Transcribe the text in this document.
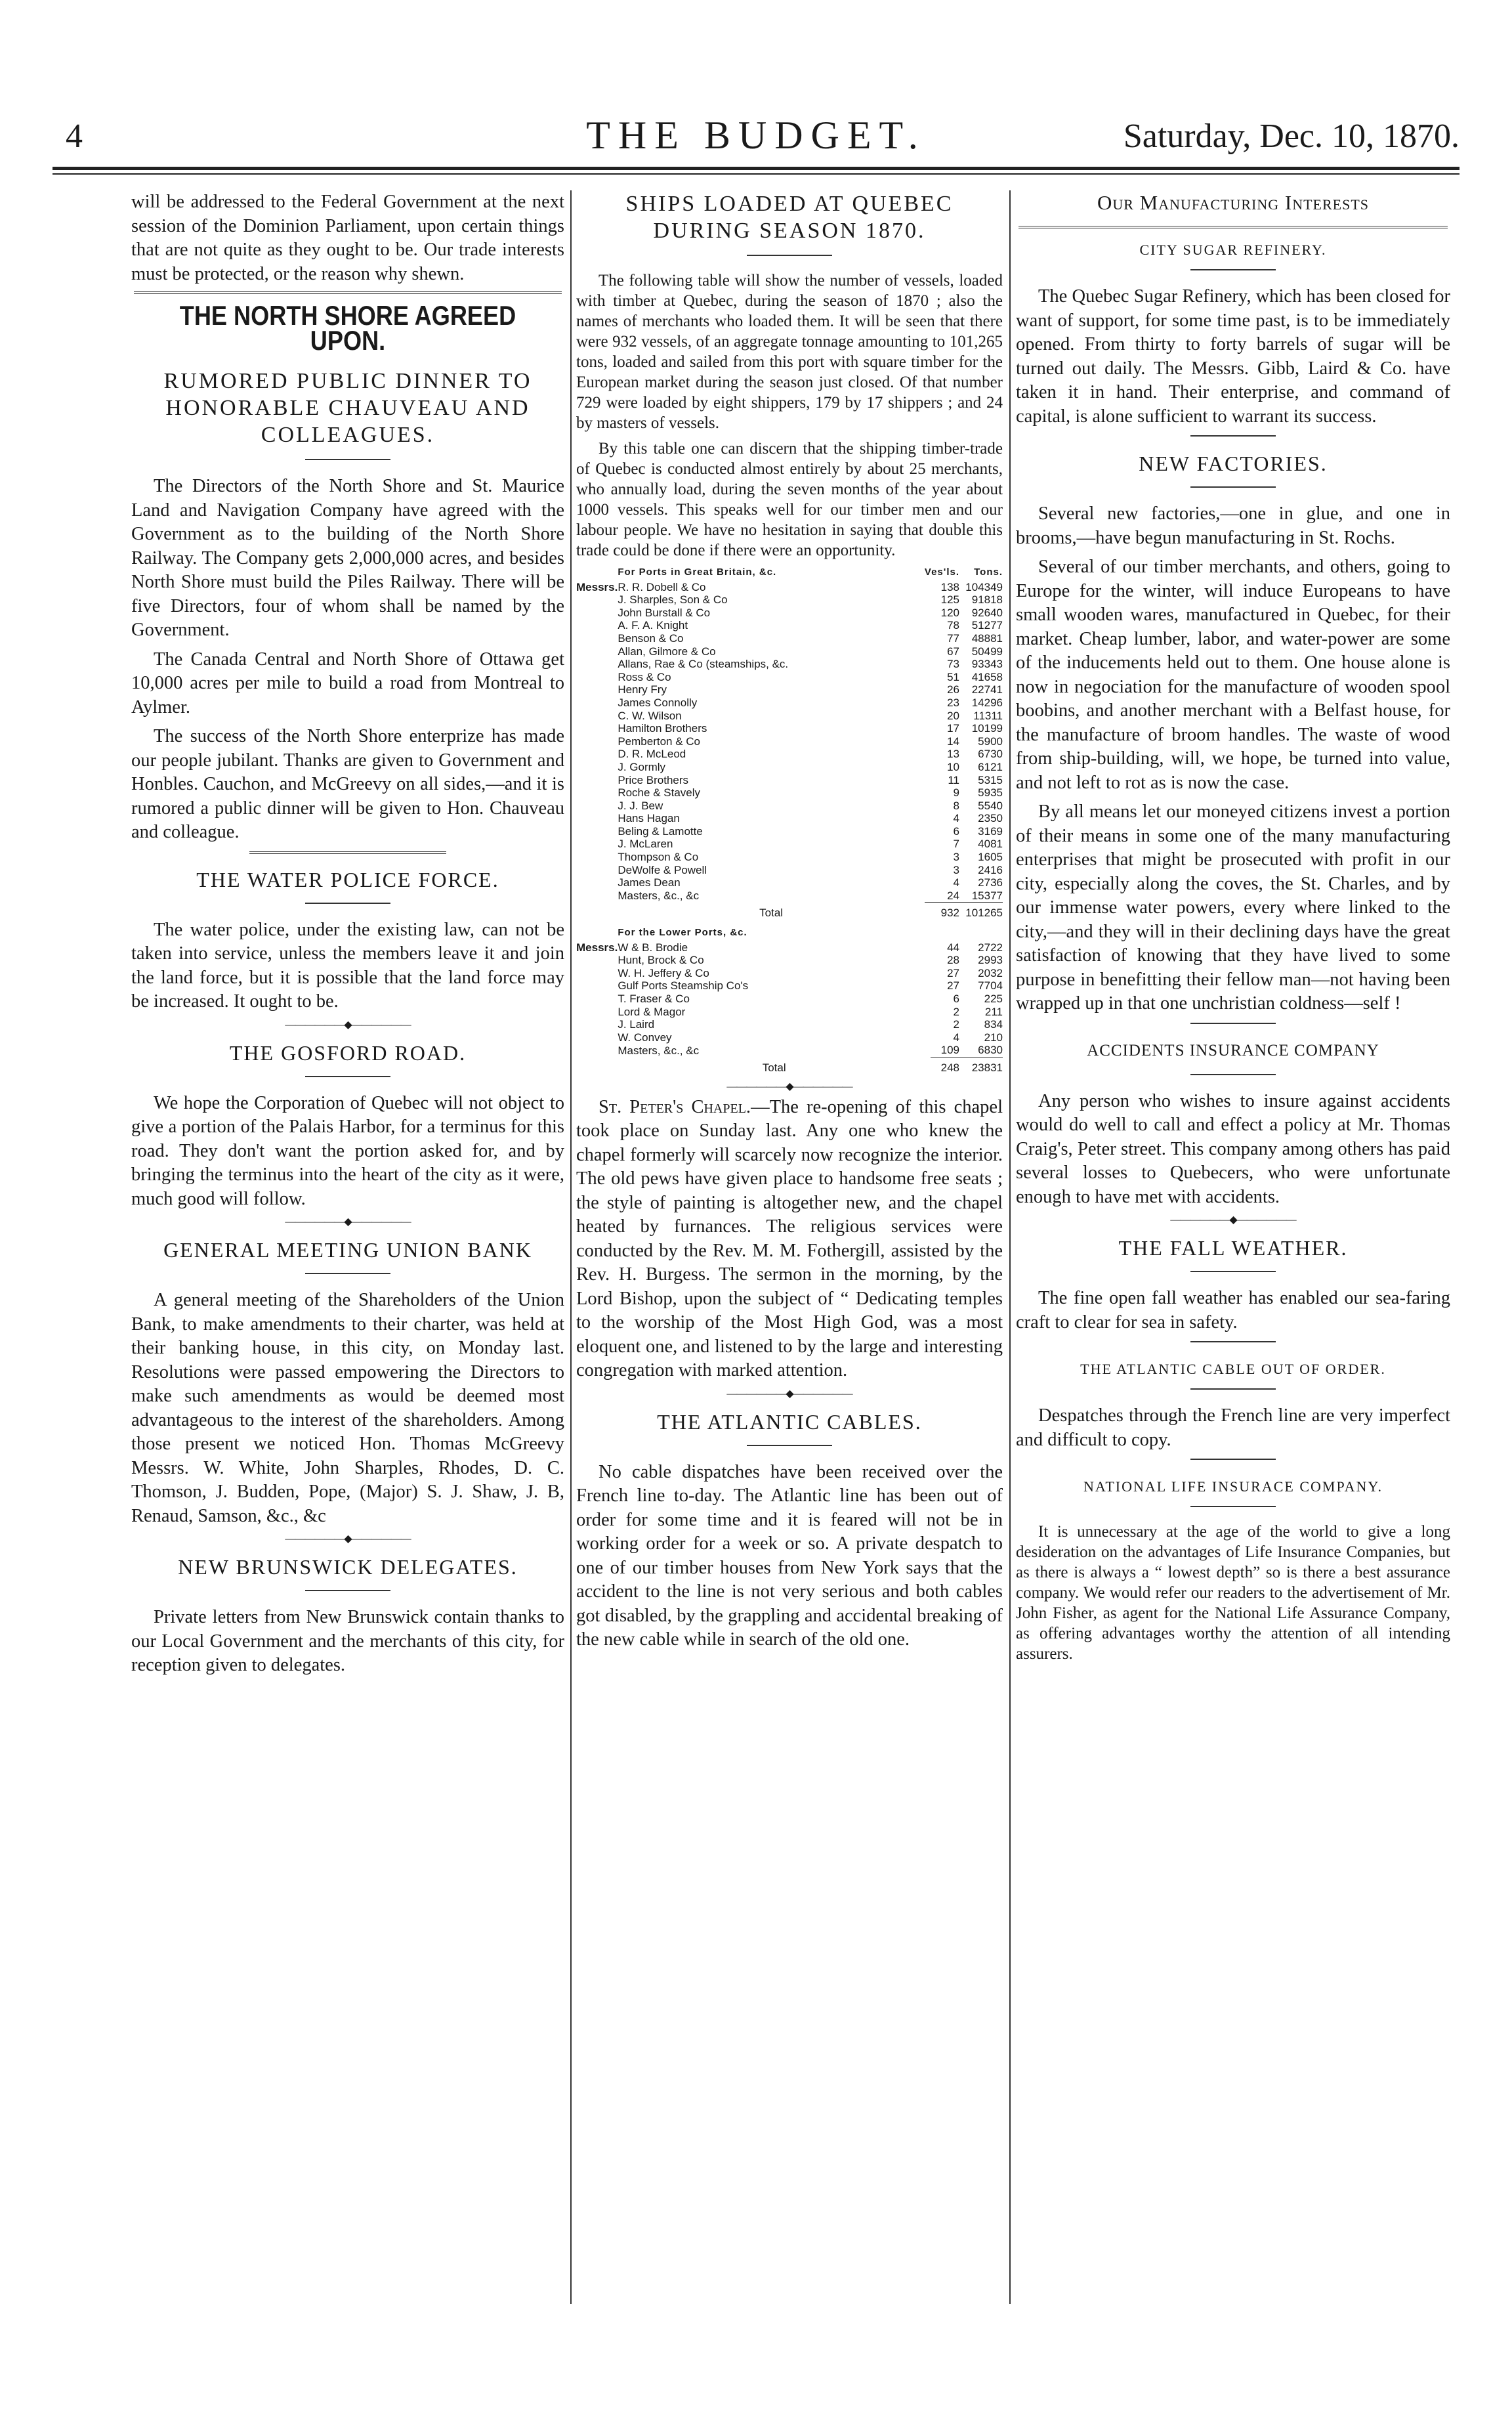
4	THE BUDGET.	Saturday, Dec. 10, 1870.

will be addressed to the Federal Government at the next session of the Dominion Parliament, upon certain things that are not quite as they ought to be. Our trade interests must be protected, or the reason why shewn.

THE NORTH SHORE AGREED UPON.
RUMORED PUBLIC DINNER TO HONORABLE CHAUVEAU AND COLLEAGUES.

The Directors of the North Shore and St. Maurice Land and Navigation Company have agreed with the Government as to the building of the North Shore Railway. The Company gets 2,000,000 acres, and besides North Shore must build the Piles Railway. There will be five Directors, four of whom shall be named by the Government.

The Canada Central and North Shore of Ottawa get 10,000 acres per mile to build a road from Montreal to Aylmer.

The success of the North Shore enterprize has made our people jubilant. Thanks are given to Government and Honbles. Cauchon, and McGreevy on all sides,—and it is rumored a public dinner will be given to Hon. Chauveau and colleague.

THE WATER POLICE FORCE.

The water police, under the existing law, can not be taken into service, unless the members leave it and join the land force, but it is possible that the land force may be increased. It ought to be.

——————◆——————
THE GOSFORD ROAD.

We hope the Corporation of Quebec will not object to give a portion of the Palais Harbor, for a terminus for this road. They don't want the portion asked for, and by bringing the terminus into the heart of the city as it were, much good will follow.

——————◆——————
GENERAL MEETING UNION BANK

A general meeting of the Shareholders of the Union Bank, to make amendments to their charter, was held at their banking house, in this city, on Monday last. Resolutions were passed empowering the Directors to make such amendments as would be deemed most advantageous to the interest of the shareholders. Among those present we noticed Hon. Thomas McGreevy Messrs. W. White, John Sharples, Rhodes, D. C. Thomson, J. Budden, Pope, (Major) S. J. Shaw, J. B, Renaud, Samson, &c., &c

——————◆——————
NEW BRUNSWICK DELEGATES.

Private letters from New Brunswick contain thanks to our Local Government and the merchants of this city, for reception given to delegates.

SHIPS LOADED AT QUEBEC DURING SEASON 1870.

The following table will show the number of vessels, loaded with timber at Quebec, during the season of 1870 ; also the names of merchants who loaded them. It will be seen that there were 932 vessels, of an aggregate tonnage amounting to 101,265 tons, loaded and sailed from this port with square timber for the European market during the season just closed. Of that number 729 were loaded by eight shippers, 179 by 17 shippers ; and 24 by masters of vessels.

By this table one can discern that the shipping timber-trade of Quebec is conducted almost entirely by about 25 merchants, who annually load, during the seven months of the year about 1000 vessels. This speaks well for our timber men and our labour people. We have no hesitation in saying that double this trade could be done if there were an opportunity.

	For Ports in Great Britain, &c.	Ves'ls.	Tons.
Messrs.	R. R. Dobell & Co	138	104349
	J. Sharples, Son & Co	125	91818
	John Burstall & Co	120	92640
	A. F. A. Knight	78	51277
	Benson & Co	77	48881
	Allan, Gilmore & Co	67	50499
	Allans, Rae & Co (steamships, &c.	73	93343
	Ross & Co	51	41658
	Henry Fry	26	22741
	James Connolly	23	14296
	C. W. Wilson	20	11311
	Hamilton Brothers	17	10199
	Pemberton & Co	14	5900
	D. R. McLeod	13	6730
	J. Gormly	10	6121
	Price Brothers	11	5315
	Roche & Stavely	9	5935
	J. J. Bew	8	5540
	Hans Hagan	4	2350
	Beling & Lamotte	6	3169
	J. McLaren	7	4081
	Thompson & Co	3	1605
	DeWolfe & Powell	3	2416
	James Dean	4	2736
	Masters, &c., &c	24	15377
	Total	932	101265
	For the Lower Ports, &c.		
Messrs.	W & B. Brodie	44	2722
	Hunt, Brock & Co	28	2993
	W. H. Jeffery & Co	27	2032
	Gulf Ports Steamship Co's	27	7704
	T. Fraser & Co	6	225
	Lord & Magor	2	211
	J. Laird	2	834
	W. Convey	4	210
	Masters, &c., &c	109	6830
	Total	248	23831
——————◆——————

St. Peter's Chapel.—The re-opening of this chapel took place on Sunday last. Any one who knew the chapel formerly will scarcely now recognize the interior. The old pews have given place to handsome free seats ; the style of painting is altogether new, and the chapel heated by furnances. The religious services were conducted by the Rev. M. M. Fothergill, assisted by the Rev. H. Burgess. The sermon in the morning, by the Lord Bishop, upon the subject of “ Dedicating temples to the worship of the Most High God, was a most eloquent one, and listened to by the large and interesting congregation with marked attention.

——————◆——————
THE ATLANTIC CABLES.

No cable dispatches have been received over the French line to-day. The Atlantic line has been out of order for some time and it is feared will not be in working order for a week or so. A private despatch to one of our timber houses from New York says that the accident to the line is not very serious and both cables got disabled, by the grappling and accidental breaking of the new cable while in search of the old one.

Our Manufacturing Interests
CITY SUGAR REFINERY.

The Quebec Sugar Refinery, which has been closed for want of support, for some time past, is to be immediately opened. From thirty to forty barrels of sugar will be turned out daily. The Messrs. Gibb, Laird & Co. have taken it in hand. Their enterprise, and command of capital, is alone sufficient to warrant its success.

NEW FACTORIES.

Several new factories,—one in glue, and one in brooms,—have begun manufacturing in St. Rochs.

Several of our timber merchants, and others, going to Europe for the winter, will induce Europeans to have small wooden wares, manufactured in Quebec, for their market. Cheap lumber, labor, and water-power are some of the inducements held out to them. One house alone is now in negociation for the manufacture of wooden spool boobins, and another merchant with a Belfast house, for the manufacture of broom handles. The waste of wood from ship-building, will, we hope, be turned into value, and not left to rot as is now the case.

By all means let our moneyed citizens invest a portion of their means in some one of the many manufacturing enterprises that might be prosecuted with profit in our city, especially along the coves, the St. Charles, and by our immense water powers, every where linked to the city,—and they will in their declining days have the great satisfaction of knowing that they have lived to some purpose in benefitting their fellow man—not having been wrapped up in that one unchristian coldness—self !

ACCIDENTS INSURANCE COMPANY

Any person who wishes to insure against accidents would do well to call and effect a policy at Mr. Thomas Craig's, Peter street. This company among others has paid several losses to Quebecers, who were unfortunate enough to have met with accidents.

——————◆——————
THE FALL WEATHER.

The fine open fall weather has enabled our sea-faring craft to clear for sea in safety.

THE ATLANTIC CABLE OUT OF ORDER.

Despatches through the French line are very imperfect and difficult to copy.

NATIONAL LIFE INSURACE COMPANY.

It is unnecessary at the age of the world to give a long desideration on the advantages of Life Insurance Companies, but as there is always a “ lowest depth” so is there a best assurance company. We would refer our readers to the advertisement of Mr. John Fisher, as agent for the National Life Assurance Company, as offering advantages worthy the attention of all intending assurers.
